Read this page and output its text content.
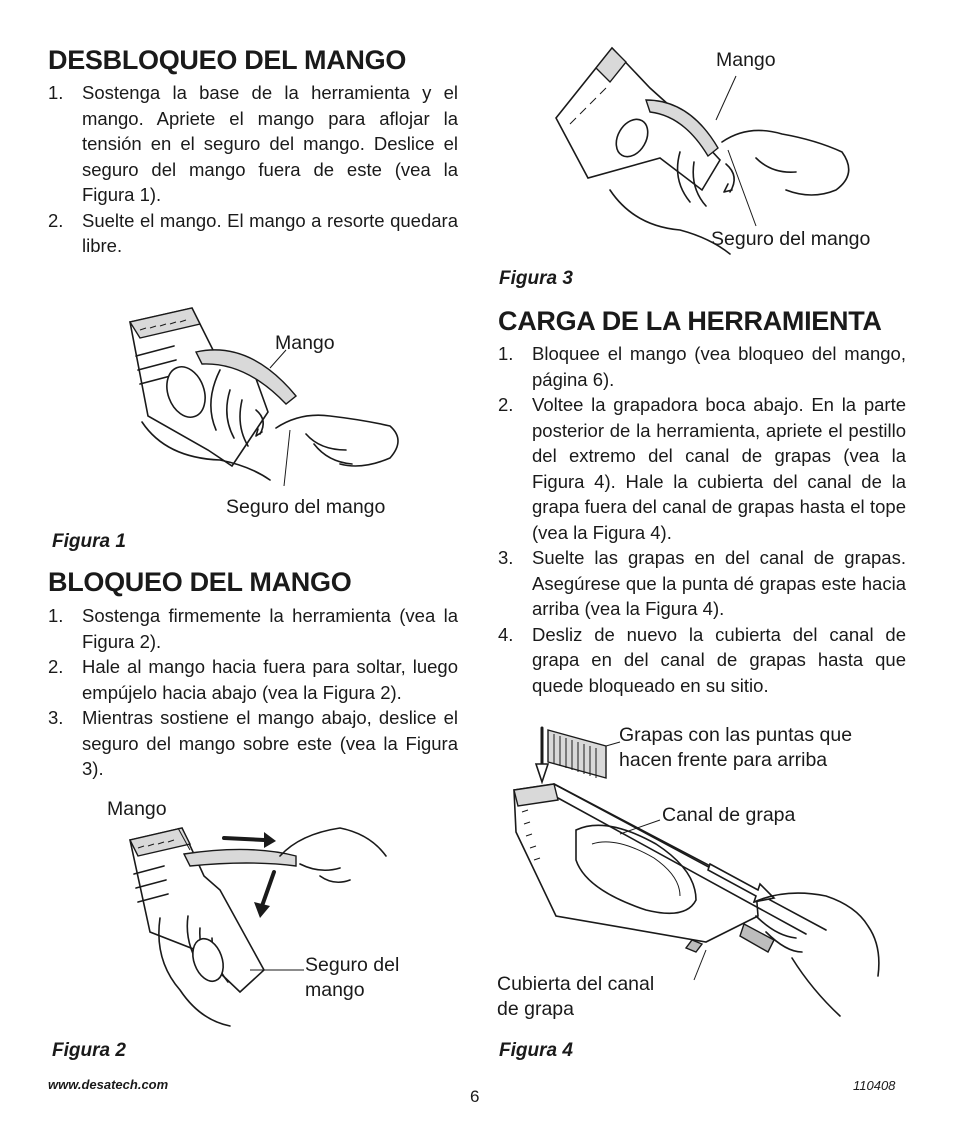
DESBLOQUEO DEL MANGO
1. Sostenga la base de la herramienta y el mango. Apriete el mango para aflojar la tensión en el seguro del mango. Deslice el seguro del mango fuera de este (vea la Figura 1).
2. Suelte el mango. El mango a resorte quedara libre.
Mango
Seguro del mango
Figura 1
BLOQUEO DEL MANGO
1. Sostenga firmemente la herramienta (vea la Figura 2).
2. Hale al mango hacia fuera para soltar, luego empújelo hacia abajo (vea la Figura 2).
3. Mientras sostiene el mango abajo, deslice el seguro del mango sobre este (vea la Figura 3).
Mango
Seguro del
mango
Figura 2
Mango
Seguro del mango
Figura 3
CARGA DE LA HERRAMIENTA
1. Bloquee el mango (vea bloqueo del mango, página 6).
2. Voltee la grapadora boca abajo. En la parte posterior de la herramienta, apriete el pestillo del extremo del canal de grapas (vea la Figura 4). Hale la cubierta del canal de la grapa fuera del canal de grapas hasta el tope (vea la Figura 4).
3. Suelte las grapas en del canal de grapas. Asegúrese que la punta dé grapas este hacia arriba (vea la Figura 4).
4. Desliz de nuevo la cubierta del canal de grapa en del canal de grapas hasta que quede bloqueado en su sitio.
Grapas con las puntas que
hacen frente para arriba
Canal de grapa
Cubierta del canal
de grapa
Figura 4
www.desatech.com
6
110408
